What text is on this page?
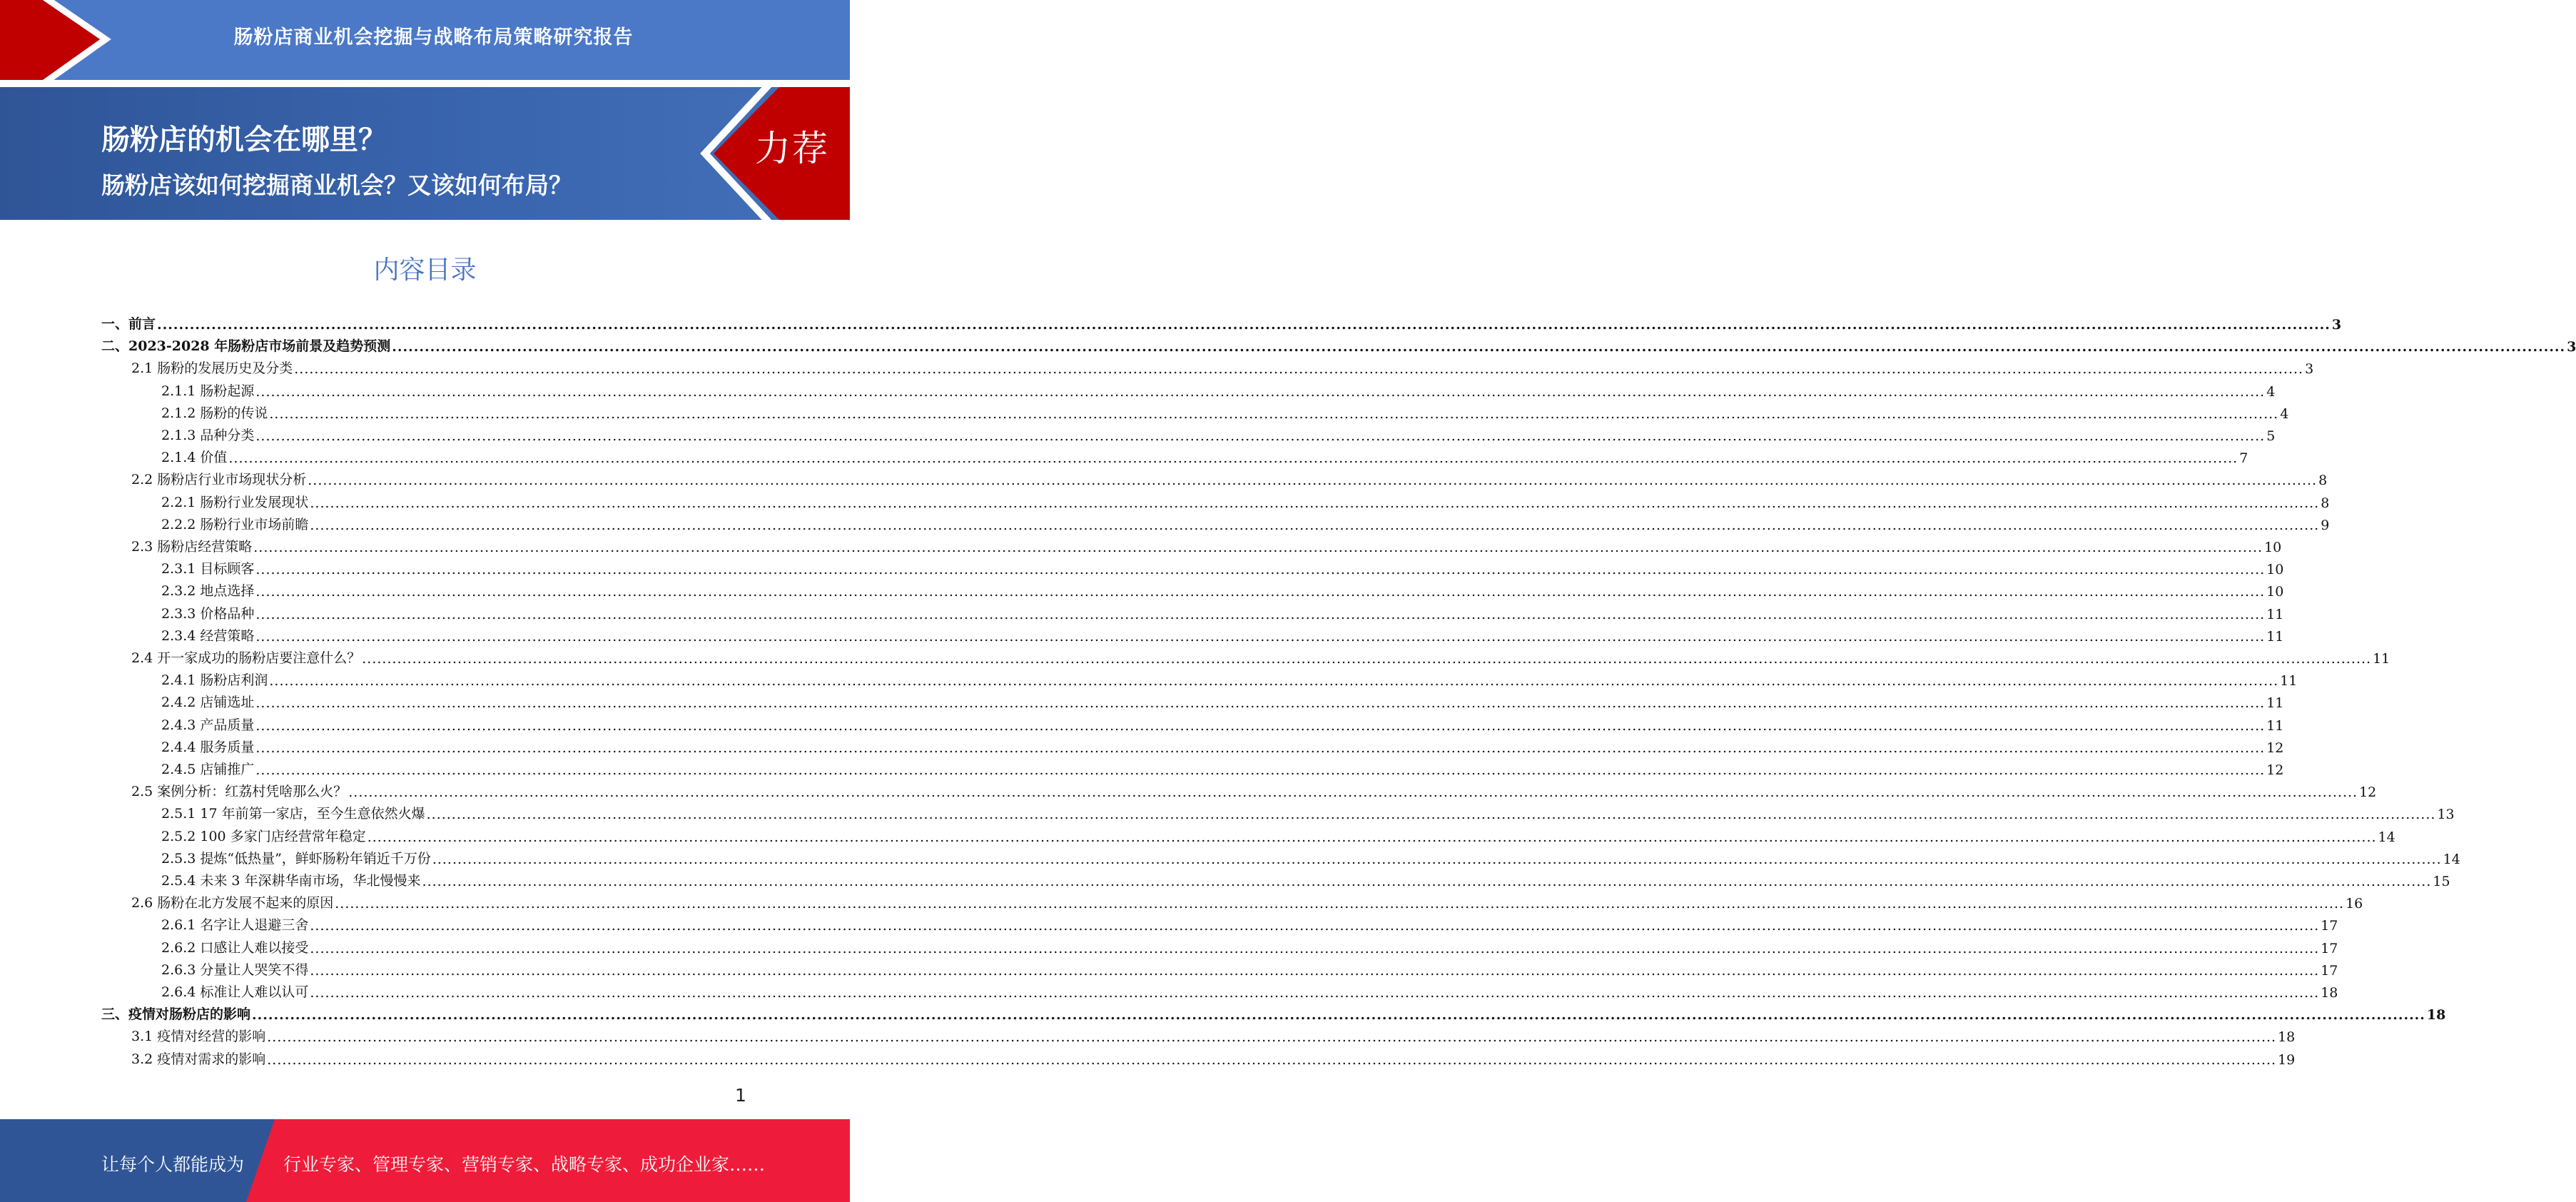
肠粉店商业机会挖掘与战略布局策略研究报告
肠粉店的机会在哪里？
肠粉店该如何挖掘商业机会？又该如何布局？
力荐
内容目录
一、前言 ................................................................................................................................................................................................................................................................................................................................................................................................................ 3
二、2023-2028 年肠粉店市场前景及趋势预测 ................................................................................................................................................................................................................................................................................................................................................................................................................ 3
2.1 肠粉的发展历史及分类 ................................................................................................................................................................................................................................................................................................................................................................................................................ 3
2.1.1 肠粉起源 ................................................................................................................................................................................................................................................................................................................................................................................................................ 4
2.1.2 肠粉的传说 ................................................................................................................................................................................................................................................................................................................................................................................................................ 4
2.1.3 品种分类 ................................................................................................................................................................................................................................................................................................................................................................................................................ 5
2.1.4 价值 ................................................................................................................................................................................................................................................................................................................................................................................................................ 7
2.2 肠粉店行业市场现状分析 ................................................................................................................................................................................................................................................................................................................................................................................................................ 8
2.2.1 肠粉行业发展现状 ................................................................................................................................................................................................................................................................................................................................................................................................................ 8
2.2.2 肠粉行业市场前瞻 ................................................................................................................................................................................................................................................................................................................................................................................................................ 9
2.3 肠粉店经营策略 ................................................................................................................................................................................................................................................................................................................................................................................................................ 10
2.3.1 目标顾客 ................................................................................................................................................................................................................................................................................................................................................................................................................ 10
2.3.2 地点选择 ................................................................................................................................................................................................................................................................................................................................................................................................................ 10
2.3.3 价格品种 ................................................................................................................................................................................................................................................................................................................................................................................................................ 11
2.3.4 经营策略 ................................................................................................................................................................................................................................................................................................................................................................................................................ 11
2.4 开一家成功的肠粉店要注意什么？ ................................................................................................................................................................................................................................................................................................................................................................................................................ 11
2.4.1 肠粉店利润 ................................................................................................................................................................................................................................................................................................................................................................................................................ 11
2.4.2 店铺选址 ................................................................................................................................................................................................................................................................................................................................................................................................................ 11
2.4.3 产品质量 ................................................................................................................................................................................................................................................................................................................................................................................................................ 11
2.4.4 服务质量 ................................................................................................................................................................................................................................................................................................................................................................................................................ 12
2.4.5 店铺推广 ................................................................................................................................................................................................................................................................................................................................................................................................................ 12
2.5 案例分析：红荔村凭啥那么火？ ................................................................................................................................................................................................................................................................................................................................................................................................................ 12
2.5.1 17 年前第一家店，至今生意依然火爆 ................................................................................................................................................................................................................................................................................................................................................................................................................ 13
2.5.2 100 多家门店经营常年稳定 ................................................................................................................................................................................................................................................................................................................................................................................................................ 14
2.5.3 提炼“低热量”，鲜虾肠粉年销近千万份 ................................................................................................................................................................................................................................................................................................................................................................................................................ 14
2.5.4 未来 3 年深耕华南市场，华北慢慢来 ................................................................................................................................................................................................................................................................................................................................................................................................................ 15
2.6 肠粉在北方发展不起来的原因 ................................................................................................................................................................................................................................................................................................................................................................................................................ 16
2.6.1 名字让人退避三舍 ................................................................................................................................................................................................................................................................................................................................................................................................................ 17
2.6.2 口感让人难以接受 ................................................................................................................................................................................................................................................................................................................................................................................................................ 17
2.6.3 分量让人哭笑不得 ................................................................................................................................................................................................................................................................................................................................................................................................................ 17
2.6.4 标准让人难以认可 ................................................................................................................................................................................................................................................................................................................................................................................................................ 18
三、疫情对肠粉店的影响 ................................................................................................................................................................................................................................................................................................................................................................................................................ 18
3.1 疫情对经营的影响 ................................................................................................................................................................................................................................................................................................................................................................................................................ 18
3.2 疫情对需求的影响 ................................................................................................................................................................................................................................................................................................................................................................................................................ 19
1
让每个人都能成为 行业专家、管理专家、营销专家、战略专家、成功企业家……
